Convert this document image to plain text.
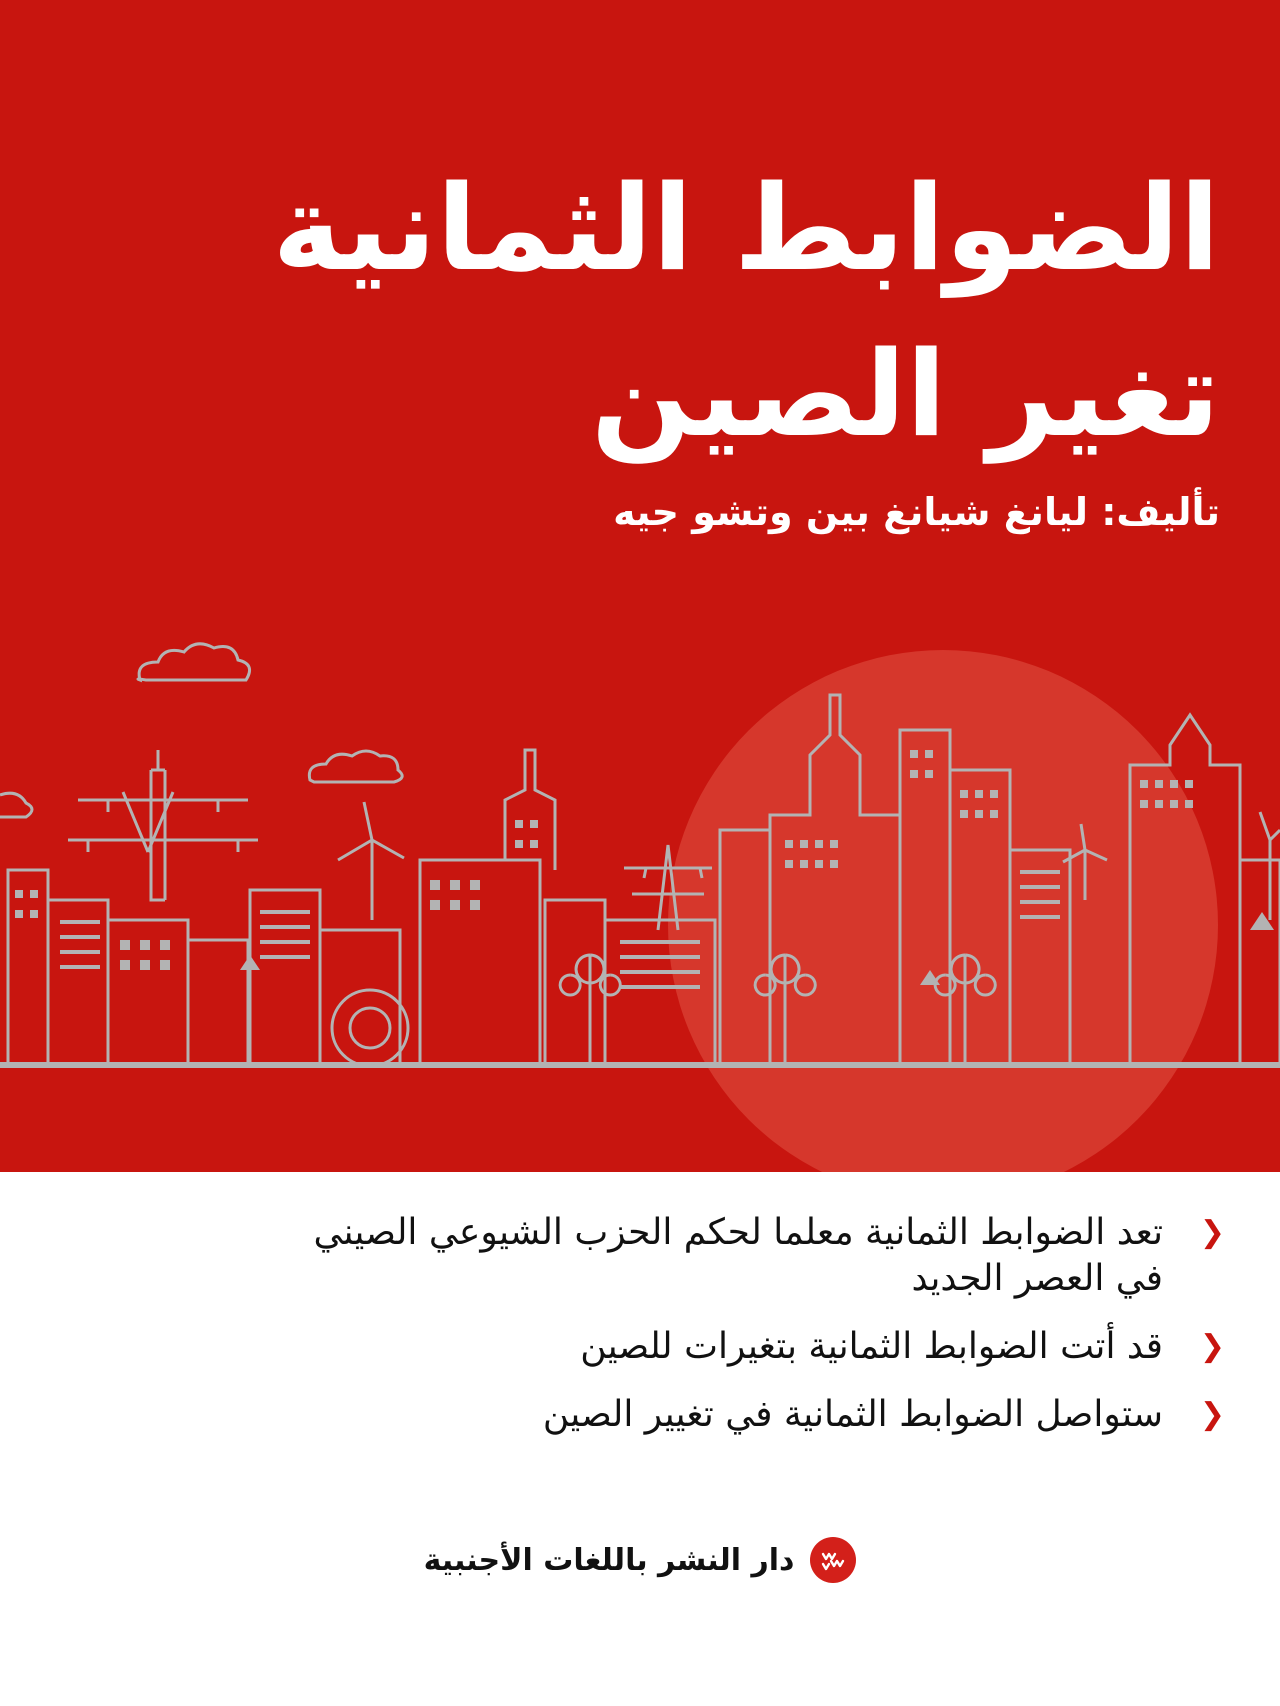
الضوابط الثمانية
تغير الصين
تأليف: ليانغ شيانغ بين وتشو جيه
❮
تعد الضوابط الثمانية معلما لحكم الحزب الشيوعي الصيني في العصر الجديد
❮
قد أتت الضوابط الثمانية بتغيرات للصين
❮
ستواصل الضوابط الثمانية في تغيير الصين
دار النشر باللغات الأجنبية
